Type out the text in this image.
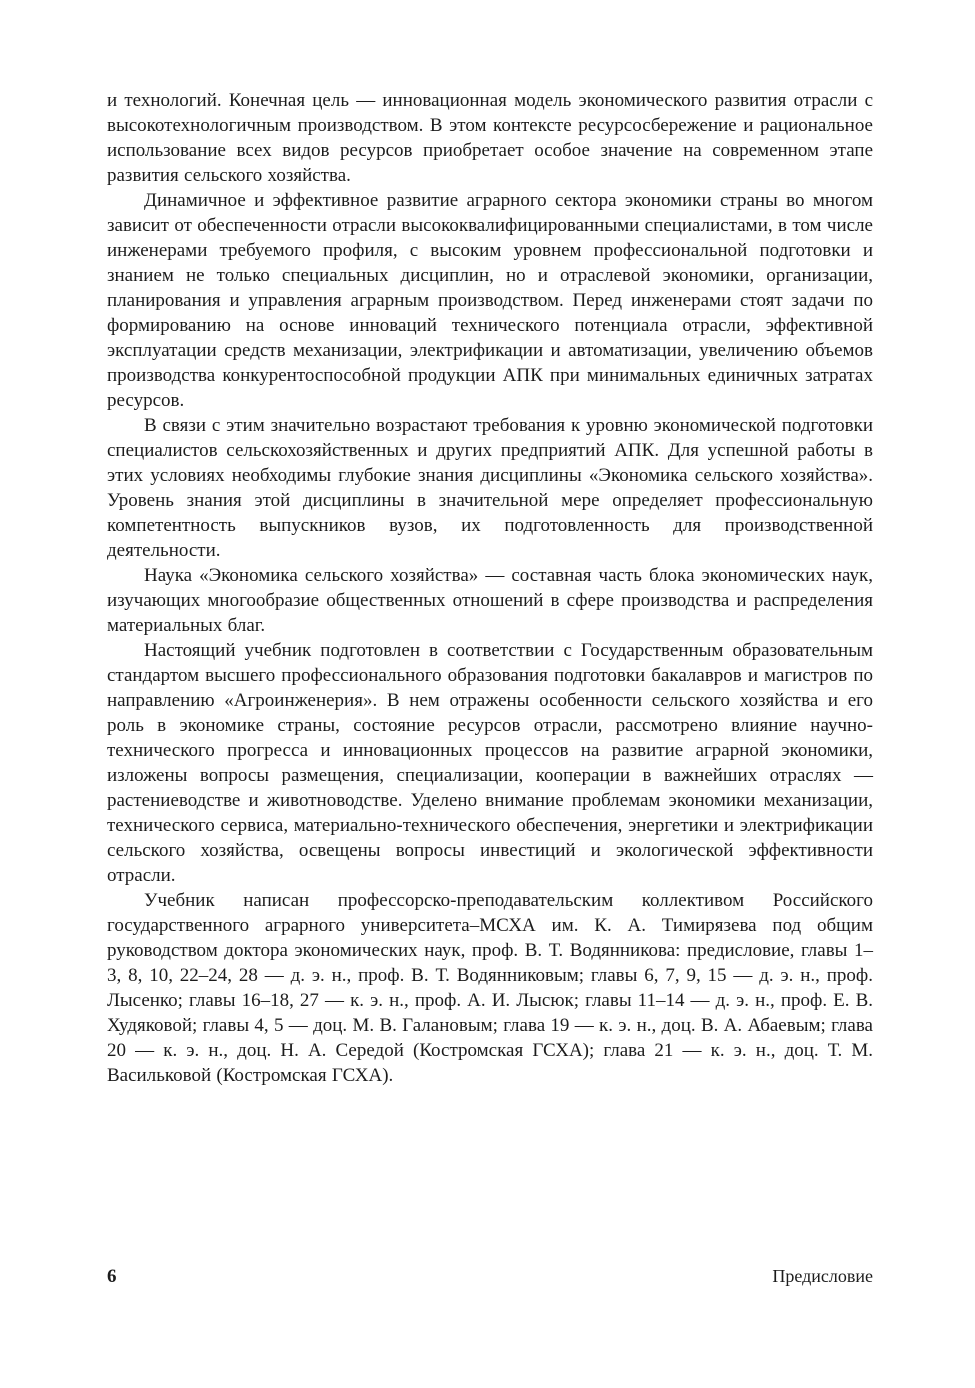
и технологий. Конечная цель — инновационная модель экономического развития отрасли с высокотехнологичным производством. В этом контексте ресурсосбережение и рациональное использование всех видов ресурсов приобретает особое значение на современном этапе развития сельского хозяйства.

Динамичное и эффективное развитие аграрного сектора экономики страны во многом зависит от обеспеченности отрасли высококвалифицированными специалистами, в том числе инженерами требуемого профиля, с высоким уровнем профессиональной подготовки и знанием не только специальных дисциплин, но и отраслевой экономики, организации, планирования и управления аграрным производством. Перед инженерами стоят задачи по формированию на основе инноваций технического потенциала отрасли, эффективной эксплуатации средств механизации, электрификации и автоматизации, увеличению объемов производства конкурентоспособной продукции АПК при минимальных единичных затратах ресурсов.

В связи с этим значительно возрастают требования к уровню экономической подготовки специалистов сельскохозяйственных и других предприятий АПК. Для успешной работы в этих условиях необходимы глубокие знания дисциплины «Экономика сельского хозяйства». Уровень знания этой дисциплины в значительной мере определяет профессиональную компетентность выпускников вузов, их подготовленность для производственной деятельности.

Наука «Экономика сельского хозяйства» — составная часть блока экономических наук, изучающих многообразие общественных отношений в сфере производства и распределения материальных благ.

Настоящий учебник подготовлен в соответствии с Государственным образовательным стандартом высшего профессионального образования подготовки бакалавров и магистров по направлению «Агроинженерия». В нем отражены особенности сельского хозяйства и его роль в экономике страны, состояние ресурсов отрасли, рассмотрено влияние научно-технического прогресса и инновационных процессов на развитие аграрной экономики, изложены вопросы размещения, специализации, кооперации в важнейших отраслях — растениеводстве и животноводстве. Уделено внимание проблемам экономики механизации, технического сервиса, материально-технического обеспечения, энергетики и электрификации сельского хозяйства, освещены вопросы инвестиций и экологической эффективности отрасли.

Учебник написан профессорско-преподавательским коллективом Российского государственного аграрного университета–МСХА им. К. А. Тимирязева под общим руководством доктора экономических наук, проф. В. Т. Водянникова: предисловие, главы 1–3, 8, 10, 22–24, 28 — д. э. н., проф. В. Т. Водянниковым; главы 6, 7, 9, 15 — д. э. н., проф. Лысенко; главы 16–18, 27 — к. э. н., проф. А. И. Лысюк; главы 11–14 — д. э. н., проф. Е. В. Худяковой; главы 4, 5 — доц. М. В. Галановым; глава 19 — к. э. н., доц. В. А. Абаевым; глава 20 — к. э. н., доц. Н. А. Середой (Костромская ГСХА); глава 21 — к. э. н., доц. Т. М. Васильковой (Костромская ГСХА).

6	Предисловие
